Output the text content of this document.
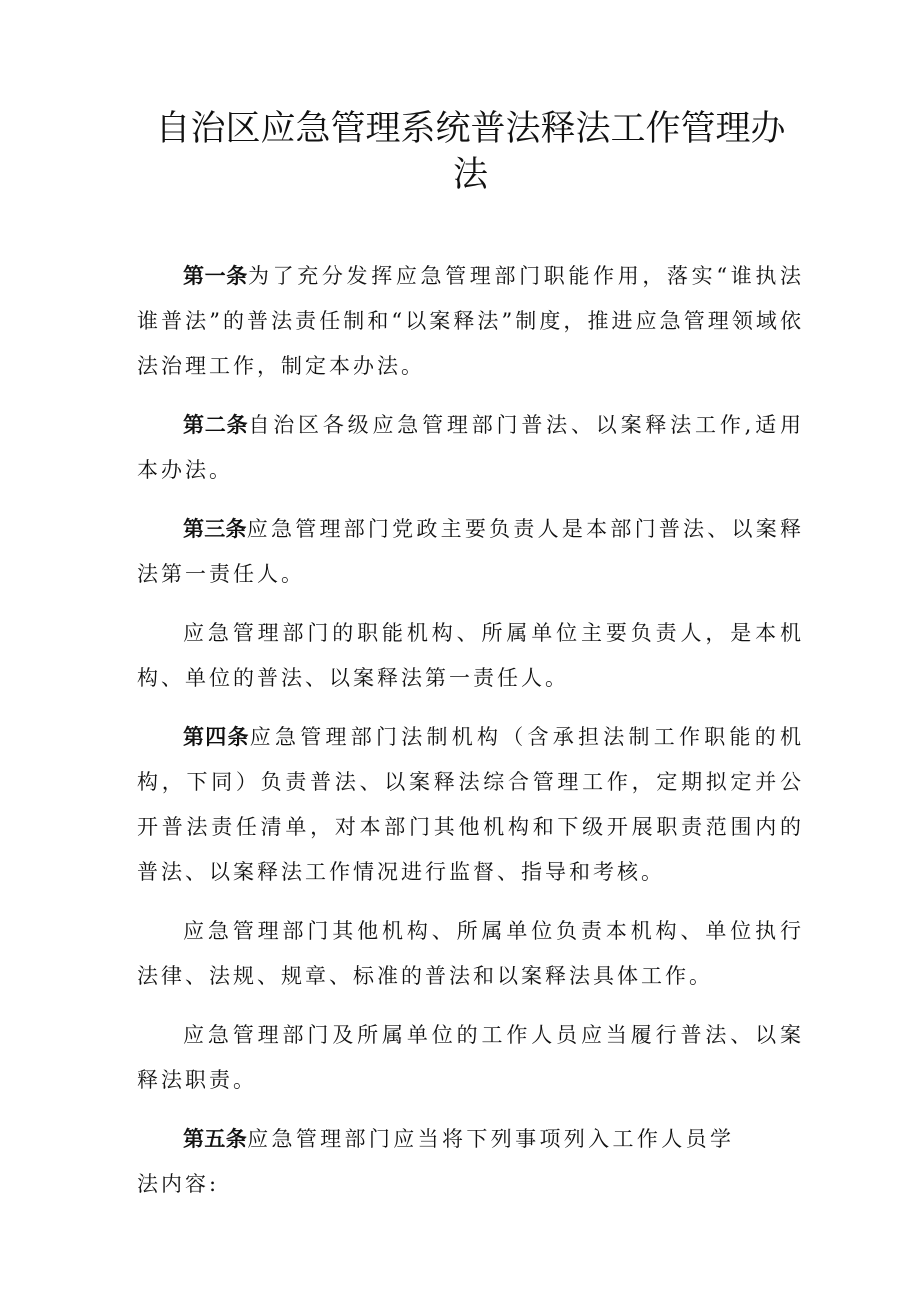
自治区应急管理系统普法释法工作管理办
法

第一条为了充分发挥应急管理部门职能作用，落实“谁执法谁普法”的普法责任制和“以案释法”制度，推进应急管理领域依法治理工作，制定本办法。

第二条自治区各级应急管理部门普法、以案释法工作,适用本办法。

第三条应急管理部门党政主要负责人是本部门普法、以案释法第一责任人。

应急管理部门的职能机构、所属单位主要负责人，是本机构、单位的普法、以案释法第一责任人。

第四条应急管理部门法制机构（含承担法制工作职能的机构，下同）负责普法、以案释法综合管理工作，定期拟定并公开普法责任清单，对本部门其他机构和下级开展职责范围内的普法、以案释法工作情况进行监督、指导和考核。

应急管理部门其他机构、所属单位负责本机构、单位执行法律、法规、规章、标准的普法和以案释法具体工作。

应急管理部门及所属单位的工作人员应当履行普法、以案释法职责。

第五条应急管理部门应当将下列事项列入工作人员学法内容:
